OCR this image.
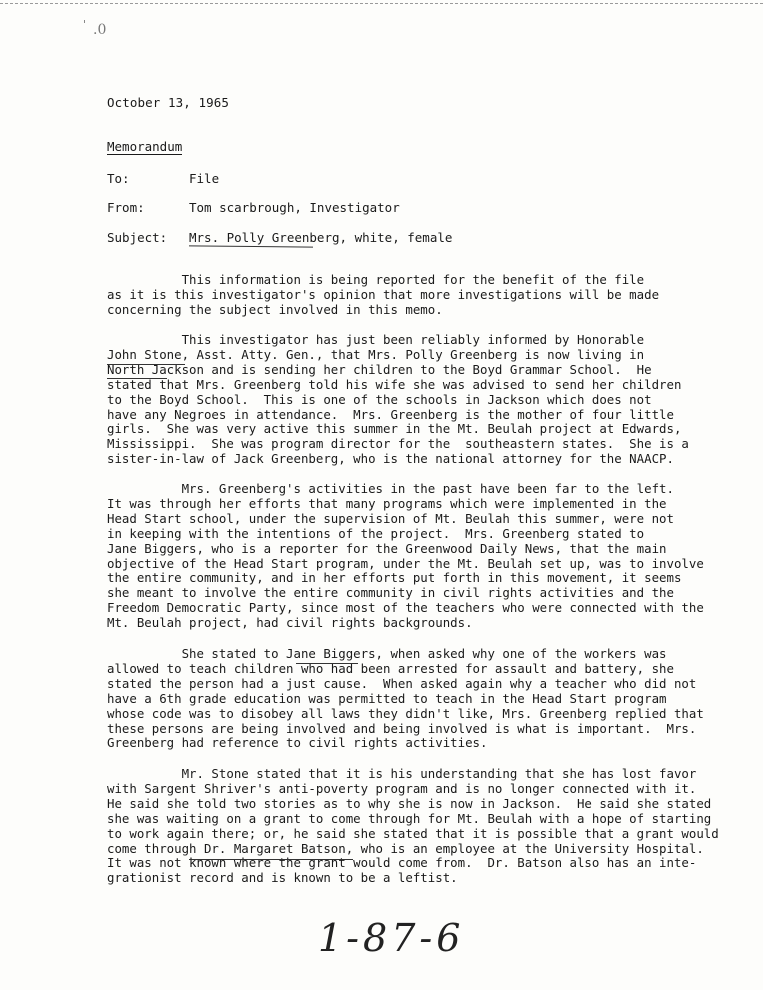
' .0
October 13, 1965
Memorandum
To:	File
From:	Tom scarbrough, Investigator
Subject: Mrs. Polly Greenberg, white, female
This information is being reported for the benefit of the file
as it is this investigator's opinion that more investigations will be made
concerning the subject involved in this memo.
This investigator has just been reliably informed by Honorable
John Stone, Asst. Atty. Gen., that Mrs. Polly Greenberg is now living in
North Jackson and is sending her children to the Boyd Grammar School.  He
stated that Mrs. Greenberg told his wife she was advised to send her children
to the Boyd School.  This is one of the schools in Jackson which does not
have any Negroes in attendance.  Mrs. Greenberg is the mother of four little
girls.  She was very active this summer in the Mt. Beulah project at Edwards,
Mississippi.  She was program director for the  southeastern states.  She is a
sister-in-law of Jack Greenberg, who is the national attorney for the NAACP.
Mrs. Greenberg's activities in the past have been far to the left.
It was through her efforts that many programs which were implemented in the
Head Start school, under the supervision of Mt. Beulah this summer, were not
in keeping with the intentions of the project.  Mrs. Greenberg stated to
Jane Biggers, who is a reporter for the Greenwood Daily News, that the main
objective of the Head Start program, under the Mt. Beulah set up, was to involve
the entire community, and in her efforts put forth in this movement, it seems
she meant to involve the entire community in civil rights activities and the
Freedom Democratic Party, since most of the teachers who were connected with the
Mt. Beulah project, had civil rights backgrounds.
She stated to Jane Biggers, when asked why one of the workers was
allowed to teach children who had been arrested for assault and battery, she
stated the person had a just cause.  When asked again why a teacher who did not
have a 6th grade education was permitted to teach in the Head Start program
whose code was to disobey all laws they didn't like, Mrs. Greenberg replied that
these persons are being involved and being involved is what is important.  Mrs.
Greenberg had reference to civil rights activities.
Mr. Stone stated that it is his understanding that she has lost favor
with Sargent Shriver's anti-poverty program and is no longer connected with it.
He said she told two stories as to why she is now in Jackson.  He said she stated
she was waiting on a grant to come through for Mt. Beulah with a hope of starting
to work again there; or, he said she stated that it is possible that a grant would
come through Dr. Margaret Batson, who is an employee at the University Hospital.
It was not known where the grant would come from.  Dr. Batson also has an inte-
grationist record and is known to be a leftist.
1-87-6
